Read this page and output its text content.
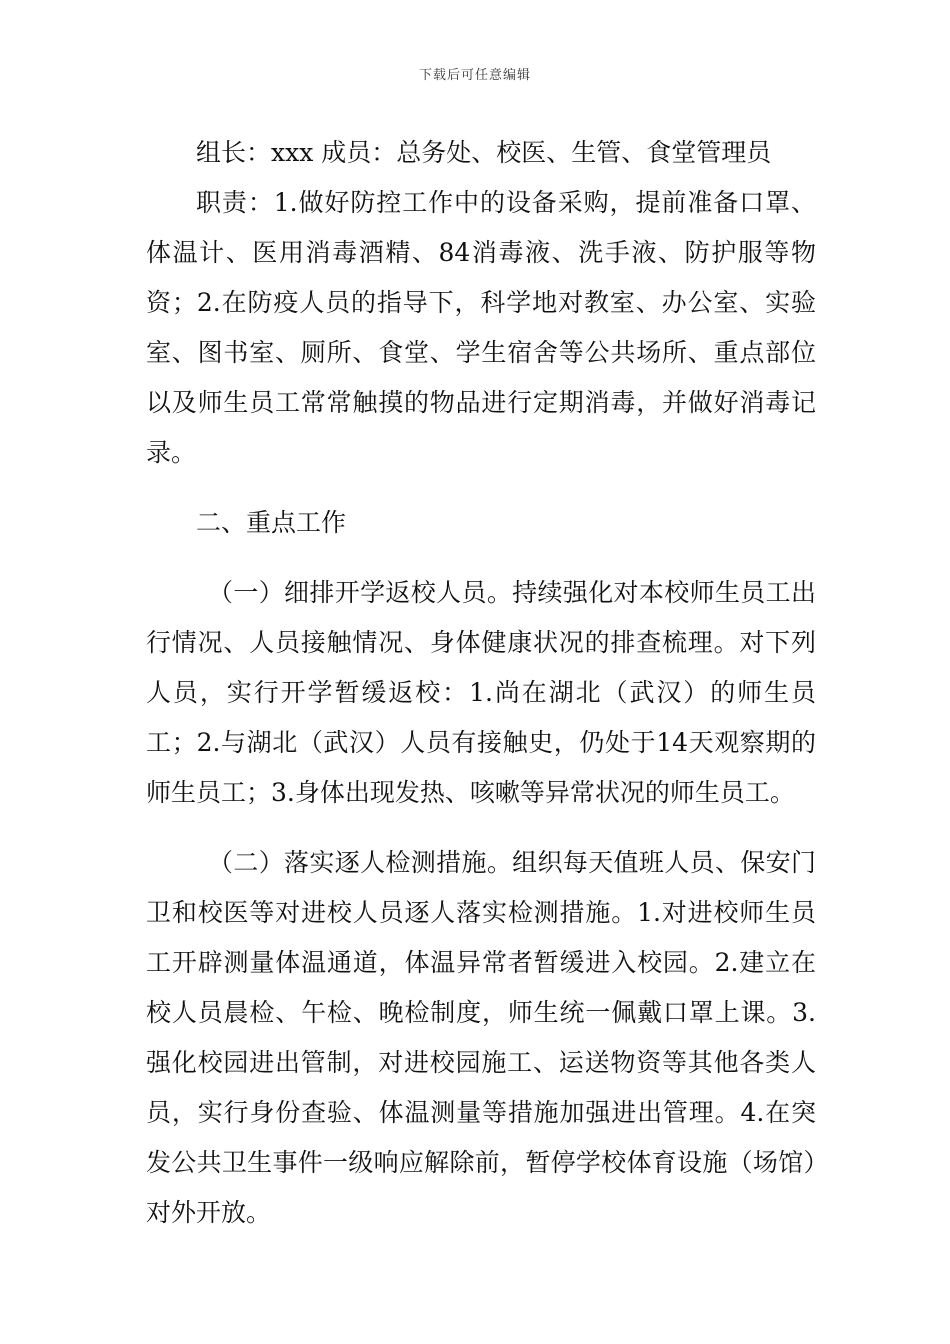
下载后可任意编辑

组长：xxx 成员：总务处、校医、生管、食堂管理员

职责：1.做好防控工作中的设备采购，提前准备口罩、体温计、医用消毒酒精、84消毒液、洗手液、防护服等物资；2.在防疫人员的指导下，科学地对教室、办公室、实验室、图书室、厕所、食堂、学生宿舍等公共场所、重点部位以及师生员工常常触摸的物品进行定期消毒，并做好消毒记录。

二、重点工作

（一）细排开学返校人员。持续强化对本校师生员工出行情况、人员接触情况、身体健康状况的排查梳理。对下列人员，实行开学暂缓返校：1.尚在湖北（武汉）的师生员工；2.与湖北（武汉）人员有接触史，仍处于14天观察期的师生员工；3.身体出现发热、咳嗽等异常状况的师生员工。

（二）落实逐人检测措施。组织每天值班人员、保安门卫和校医等对进校人员逐人落实检测措施。1.对进校师生员工开辟测量体温通道，体温异常者暂缓进入校园。2.建立在校人员晨检、午检、晚检制度，师生统一佩戴口罩上课。3.强化校园进出管制，对进校园施工、运送物资等其他各类人员，实行身份查验、体温测量等措施加强进出管理。4.在突发公共卫生事件一级响应解除前，暂停学校体育设施（场馆）对外开放。
